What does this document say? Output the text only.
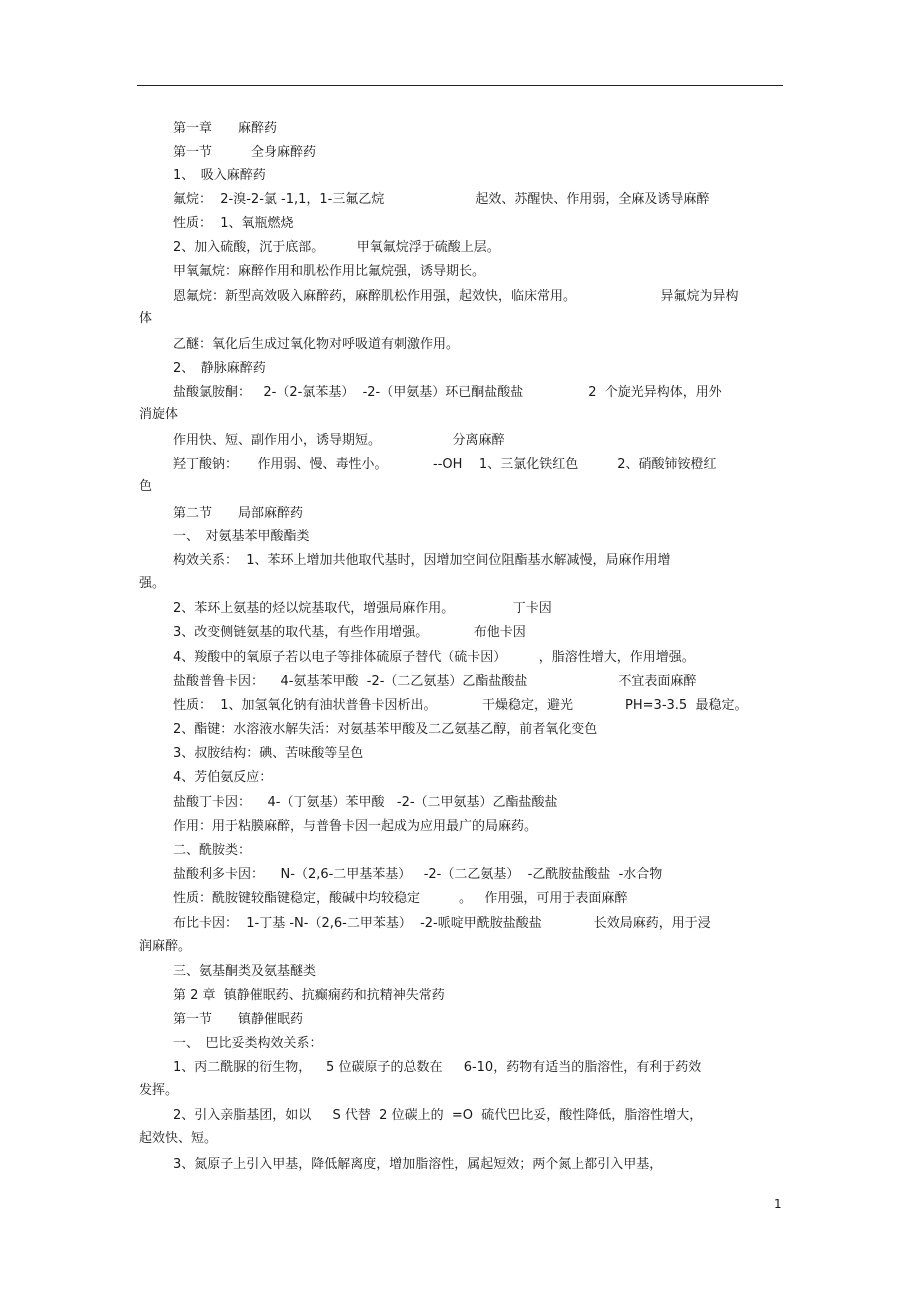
第一章　　麻醉药
第一节　　　全身麻醉药
1、　吸入麻醉药
氟烷：  2-溴-2-氯 -1,1，1-三氟乙烷　　　　　　　起效、苏醒快、作用弱，全麻及诱导麻醉
性质：  1、氧瓶燃烧
2、加入硫酸，沉于底部。　　　甲氧氟烷浮于硫酸上层。
甲氧氟烷：麻醉作用和肌松作用比氟烷强，诱导期长。
恩氟烷：新型高效吸入麻醉药，麻醉肌松作用强，起效快，临床常用。　　　　　　　异氟烷为异构
体
乙醚：氧化后生成过氧化物对呼吸道有刺激作用。
2、　静脉麻醉药
盐酸氯胺酮：   2-（2-氯苯基）  -2-（甲氨基）环已酮盐酸盐　　　　　2  个旋光异构体，用外
消旋体
作用快、短、副作用小，诱导期短。　　　　　　分离麻醉
羟丁酸钠：　　作用弱、慢、毒性小。　　　　--OH    1、三氯化铁红色　　　2、硝酸铈铵橙红
色
第二节　　局部麻醉药
一、　对氨基苯甲酸酯类
构效关系：  1、苯环上增加共他取代基时，因增加空间位阻酯基水解减慢，局麻作用增
强。
2、苯环上氨基的烃以烷基取代，增强局麻作用。　　　　　丁卡因
3、改变侧链氨基的取代基，有些作用增强。　　　　布他卡因
4、羧酸中的氧原子若以电子等排体硫原子替代（硫卡因）　　　，脂溶性增大，作用增强。
盐酸普鲁卡因：    4-氨基苯甲酸  -2-（二乙氨基）乙酯盐酸盐　　　　　　　不宜表面麻醉
性质：  1、加氢氧化钠有油状普鲁卡因析出。　　　　干燥稳定，避光　　　　PH=3-3.5  最稳定。
2、酯键：水溶液水解失活：对氨基苯甲酸及二乙氨基乙醇，前者氧化变色
3、叔胺结构：碘、苦味酸等呈色
4、芳伯氨反应：
盐酸丁卡因：    4-（丁氨基）苯甲酸   -2-（二甲氨基）乙酯盐酸盐
作用：用于粘膜麻醉，与普鲁卡因一起成为应用最广的局麻药。
二、酰胺类：
盐酸利多卡因：    N-（2,6-二甲基苯基）   -2-（二乙氨基）  -乙酰胺盐酸盐  -水合物
性质：酰胺键较酯键稳定，酸碱中均较稳定　　　。   作用强，可用于表面麻醉
布比卡因：  1-丁基 -N-（2,6-二甲苯基）  -2-哌啶甲酰胺盐酸盐　　　　长效局麻药，用于浸
润麻醉。
三、氨基酮类及氨基醚类
第 2 章  镇静催眠药、抗癫痫药和抗精神失常药
第一节　　镇静催眠药
一、　巴比妥类构效关系：
1、丙二酰脲的衍生物，　  5 位碳原子的总数在　  6-10，药物有适当的脂溶性，有利于药效
发挥。
2、引入亲脂基团，如以　  S 代替  2 位碳上的  =O  硫代巴比妥，酸性降低，脂溶性增大，
起效快、短。
3、氮原子上引入甲基，降低解离度，增加脂溶性，属起短效；两个氮上都引入甲基，
1
